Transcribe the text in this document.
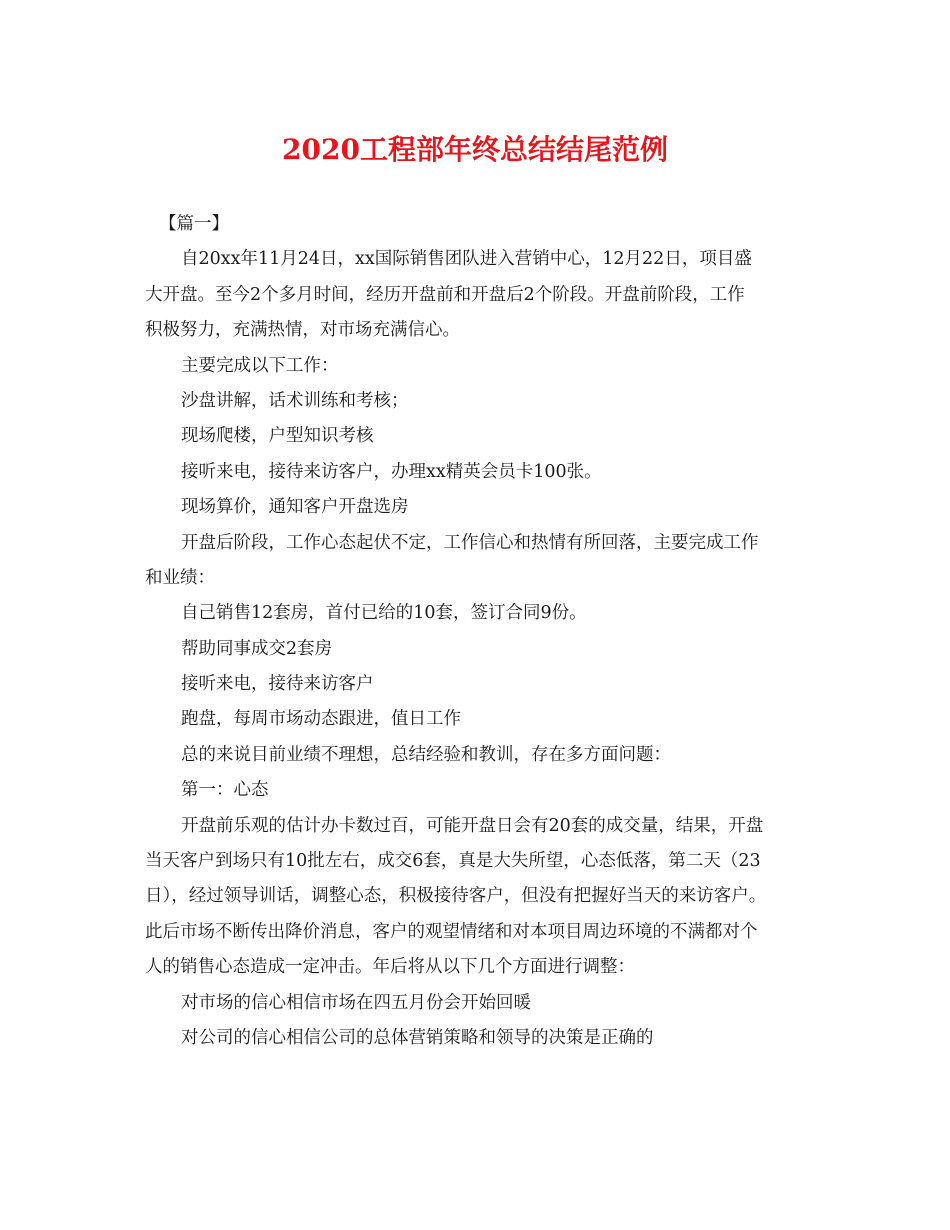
2020工程部年终总结结尾范例
【篇一】
自20xx年11月24日，xx国际销售团队进入营销中心，12月22日，项目盛
大开盘。至今2个多月时间，经历开盘前和开盘后2个阶段。开盘前阶段，工作
积极努力，充满热情，对市场充满信心。
主要完成以下工作：
沙盘讲解，话术训练和考核；
现场爬楼，户型知识考核
接听来电，接待来访客户，办理xx精英会员卡100张。
现场算价，通知客户开盘选房
开盘后阶段，工作心态起伏不定，工作信心和热情有所回落，主要完成工作
和业绩：
自己销售12套房，首付已给的10套，签订合同9份。
帮助同事成交2套房
接听来电，接待来访客户
跑盘，每周市场动态跟进，值日工作
总的来说目前业绩不理想，总结经验和教训，存在多方面问题：
第一：心态
开盘前乐观的估计办卡数过百，可能开盘日会有20套的成交量，结果，开盘
当天客户到场只有10批左右，成交6套，真是大失所望，心态低落，第二天（23
日），经过领导训话，调整心态，积极接待客户，但没有把握好当天的来访客户。
此后市场不断传出降价消息，客户的观望情绪和对本项目周边环境的不满都对个
人的销售心态造成一定冲击。年后将从以下几个方面进行调整：
对市场的信心相信市场在四五月份会开始回暖
对公司的信心相信公司的总体营销策略和领导的决策是正确的
